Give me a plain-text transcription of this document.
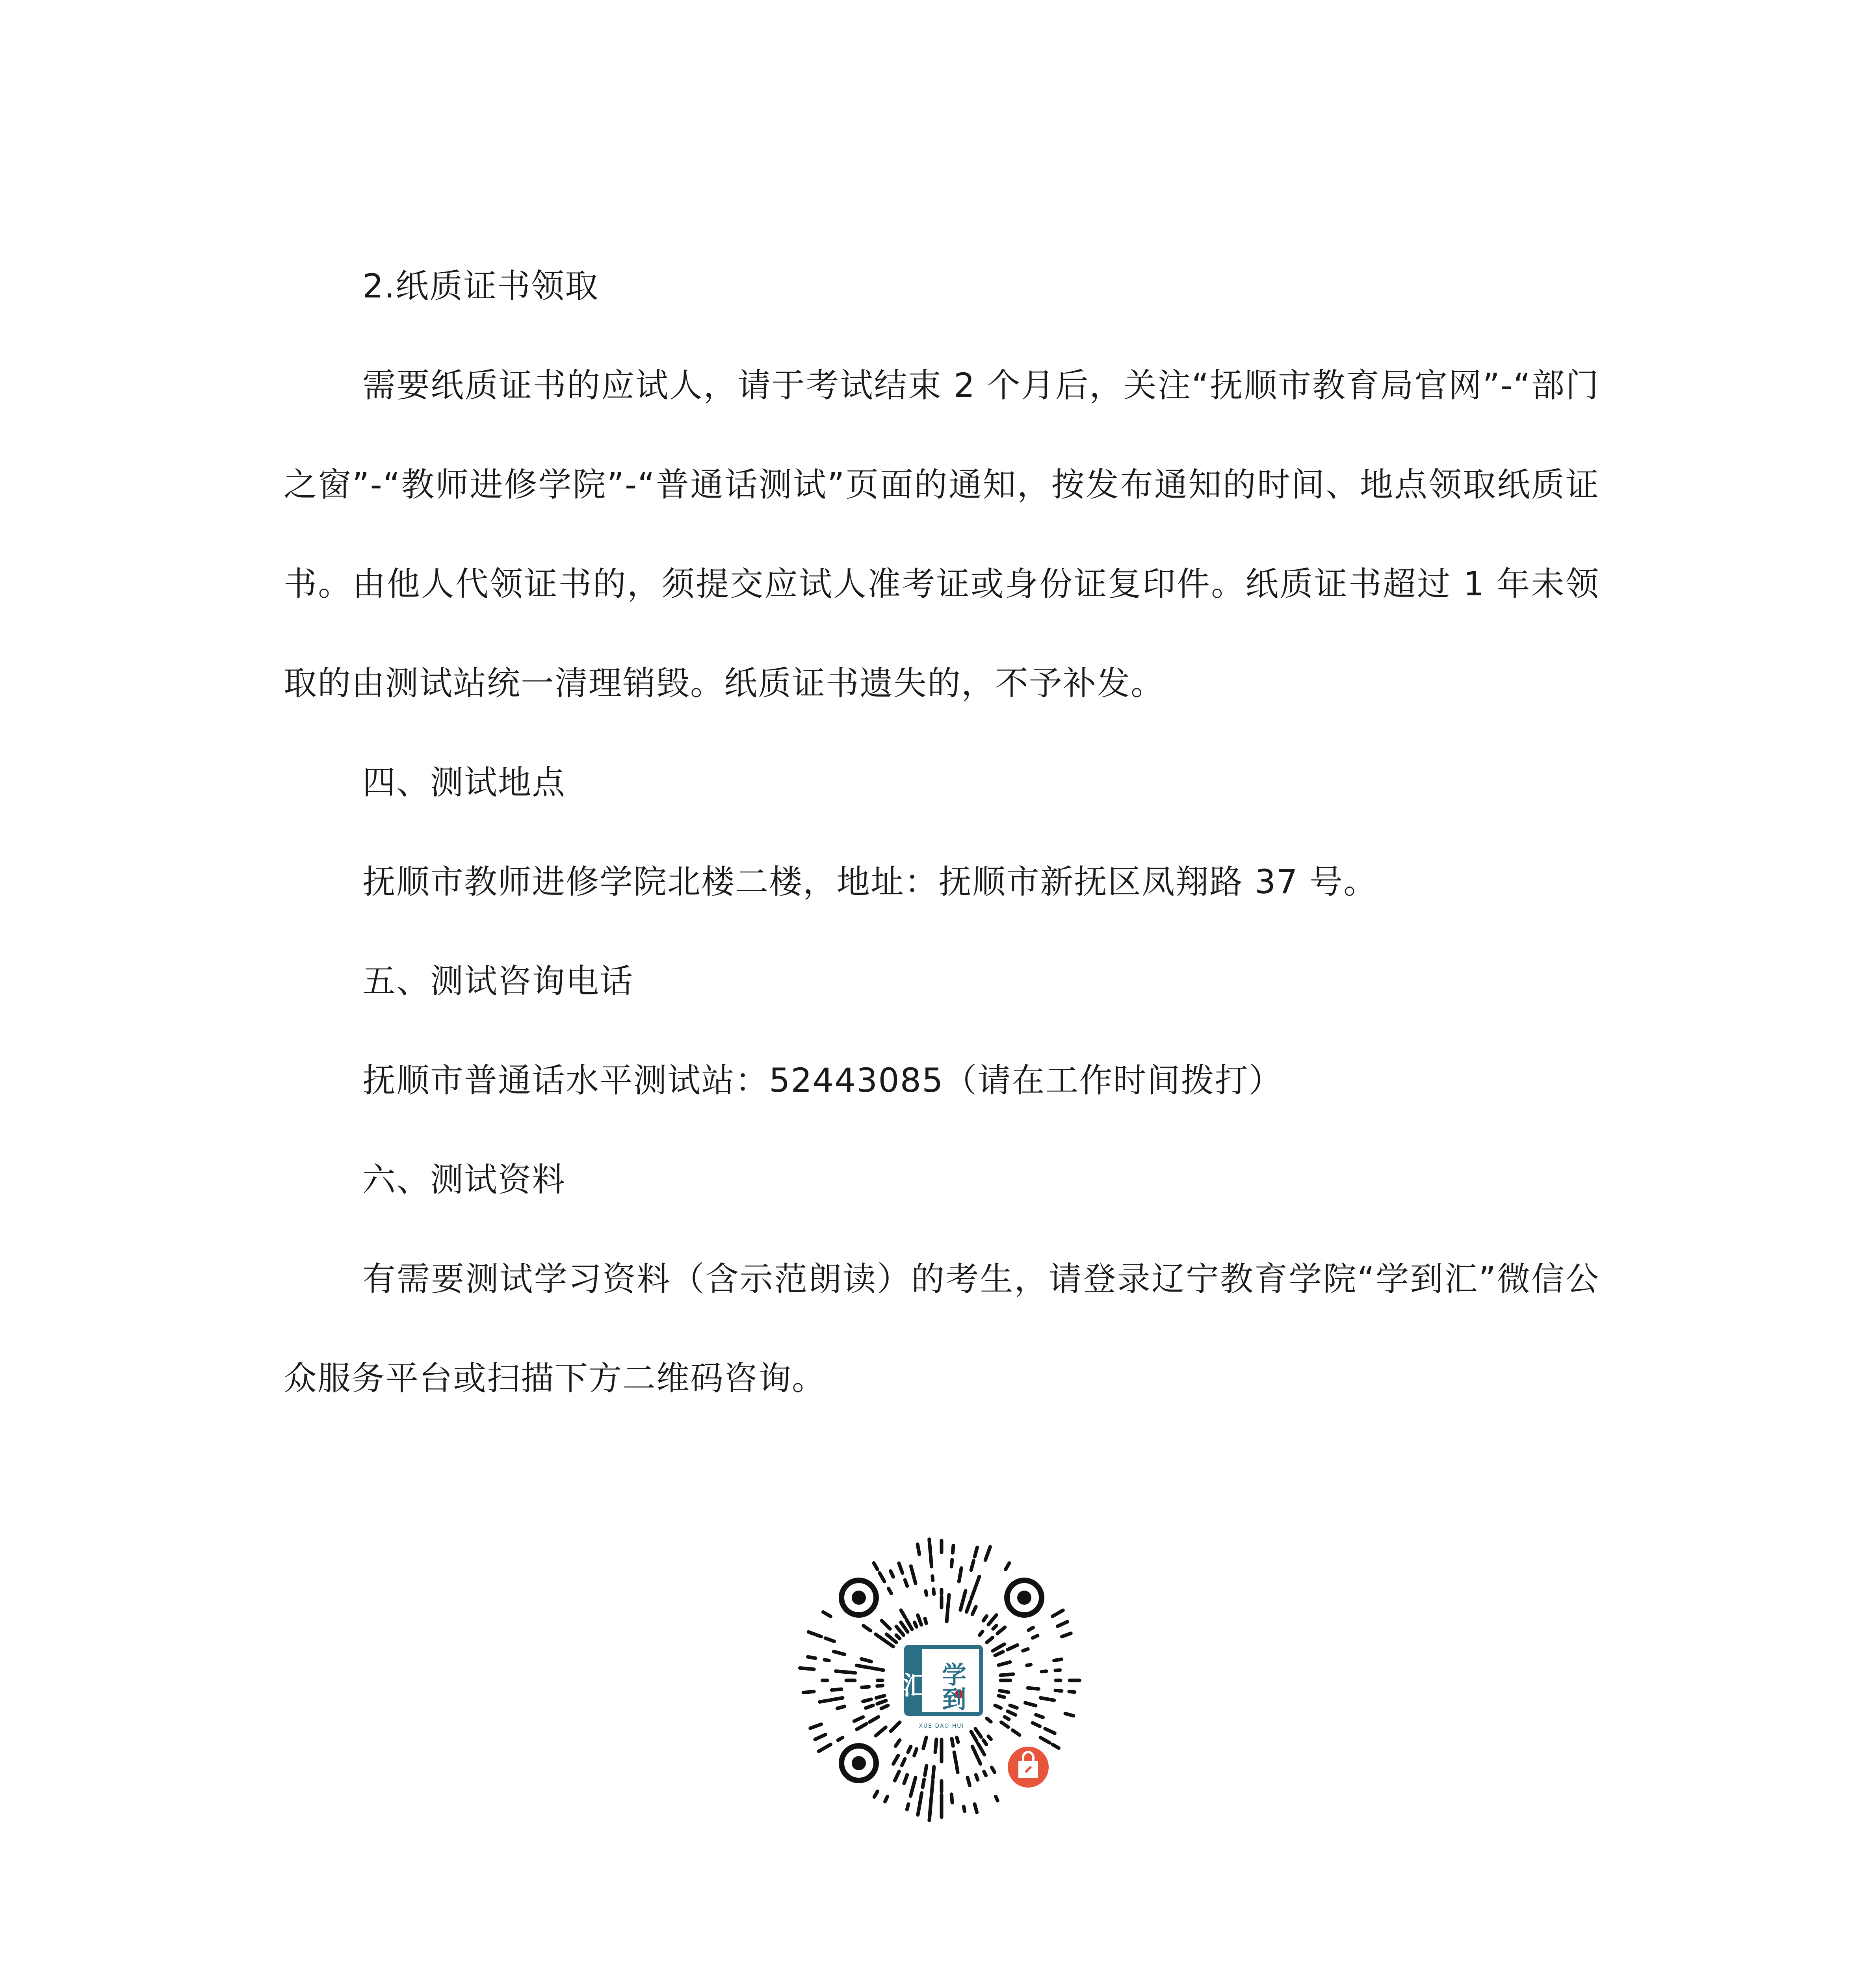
2.纸质证书领取

需要纸质证书的应试人，请于考试结束 2 个月后，关注“抚顺市教育局官网”-“部门之窗”-“教师进修学院”-“普通话测试”页面的通知，按发布通知的时间、地点领取纸质证书。由他人代领证书的，须提交应试人准考证或身份证复印件。纸质证书超过 1 年未领取的由测试站统一清理销毁。纸质证书遗失的，不予补发。

四、测试地点

抚顺市教师进修学院北楼二楼，地址：抚顺市新抚区凤翔路 37 号。

五、测试咨询电话

抚顺市普通话水平测试站：52443085（请在工作时间拨打）

六、测试资料

有需要测试学习资料（含示范朗读）的考生，请登录辽宁教育学院“学到汇”微信公众服务平台或扫描下方二维码咨询。

汇 学到
XUE DAO HUI
